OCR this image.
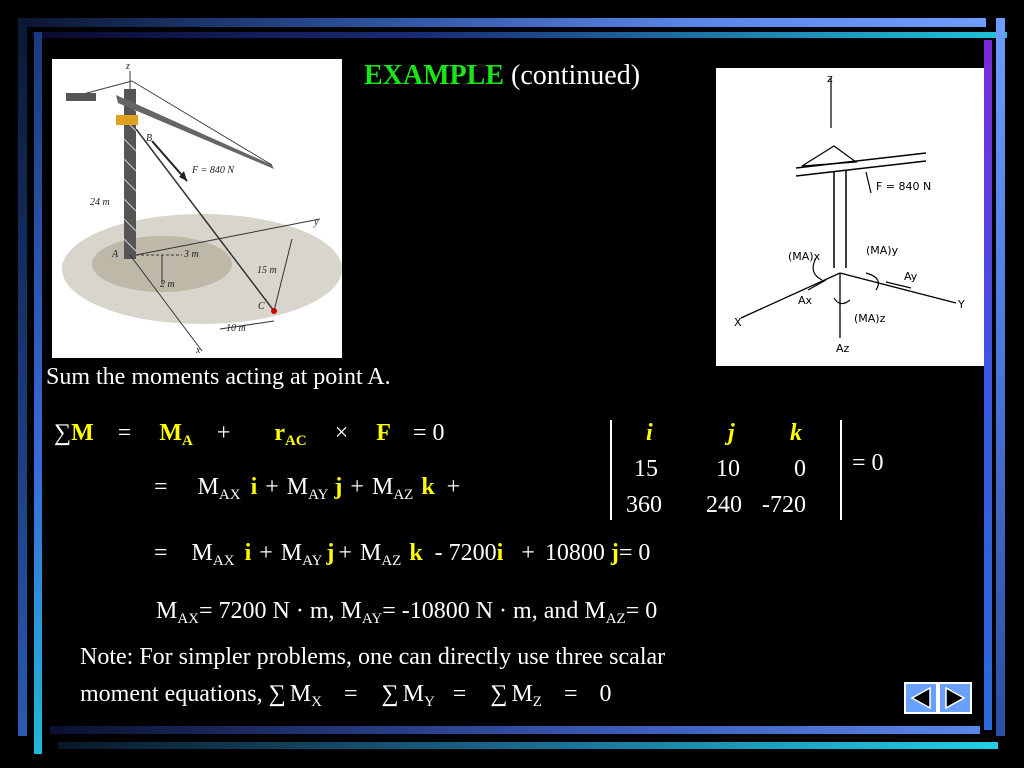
z
B
F = 840 N
24 m
y
A	3 m
15 m
2 m
C
10 m
x
EXAMPLE (continued)	z
F = 840 N
(MA)x	(MA)y
Ay
Ax	Y
X	(MA)z
Az
Sum the moments acting at point A.
$\sum M = M_A + r_{AC} \times F = 0$
= $M_{AX}$ $i + M_{AY}$ $j + M_{AZ}$ k +
i	j k
15 10 0
360 240 -720
= 0
= $M_{AX}$ $i + M_{AY}$ $j + M_{AZ}$ k - 7200i + 10800 j= 0
$M_{AX}= 7200$ N · m, $M_{AY}= -10800$ N · m, and $M_{AZ}= 0$
Note: For simpler problems, one can directly use three scalar
moment equations, ∑ $M_X$ = ∑ $M_Y$ = ∑ $M_Z = 0$
